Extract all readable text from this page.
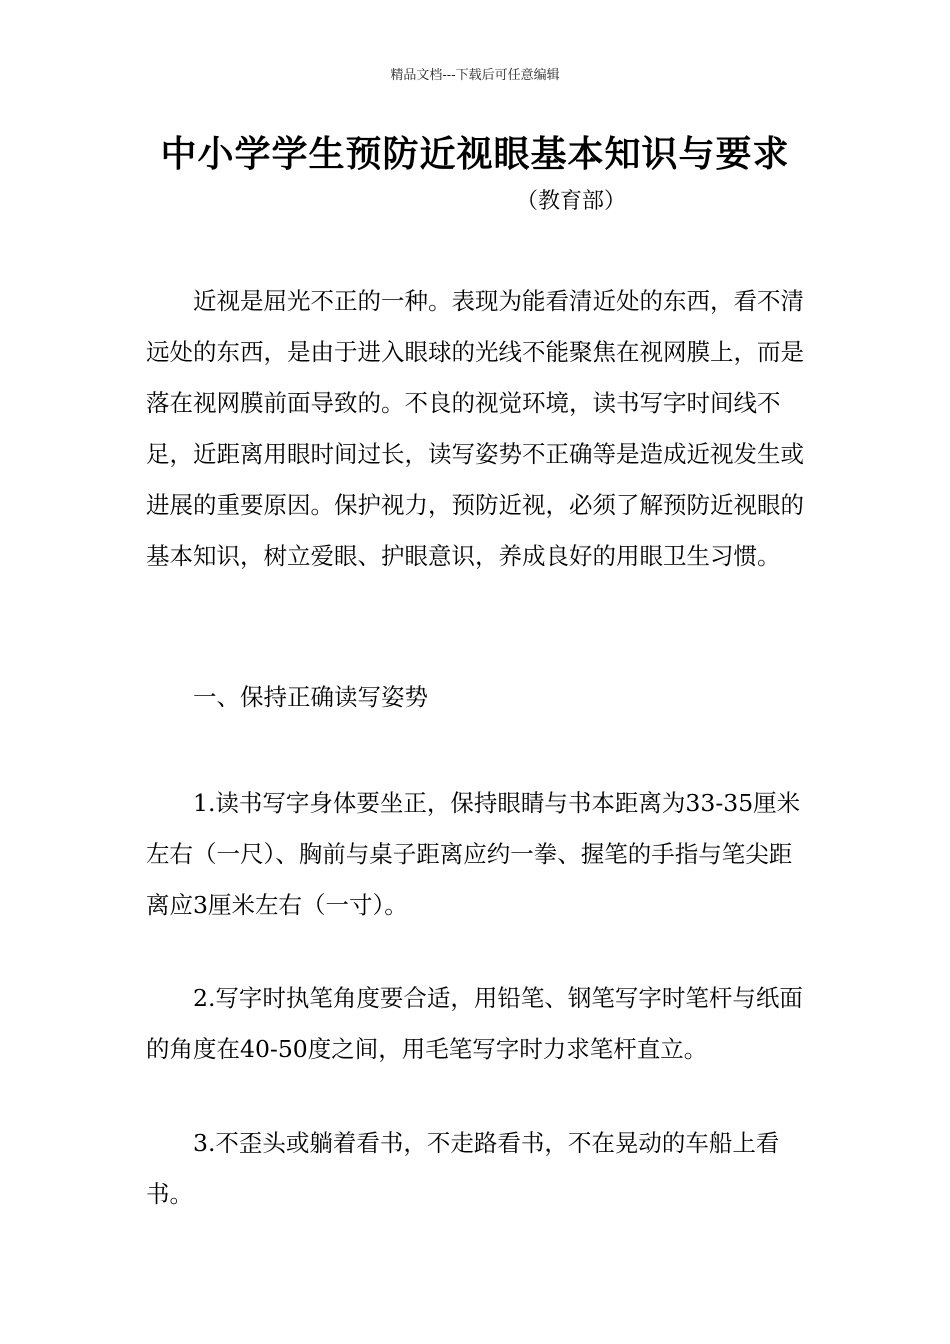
精品文档---下载后可任意编辑
中小学学生预防近视眼基本知识与要求
（教育部）

近视是屈光不正的一种。表现为能看清近处的东西，看不清远处的东西，是由于进入眼球的光线不能聚焦在视网膜上，而是落在视网膜前面导致的。不良的视觉环境，读书写字时间线不足，近距离用眼时间过长，读写姿势不正确等是造成近视发生或进展的重要原因。保护视力，预防近视，必须了解预防近视眼的基本知识，树立爱眼、护眼意识，养成良好的用眼卫生习惯。

一、保持正确读写姿势

1.读书写字身体要坐正，保持眼睛与书本距离为33-35厘米左右（一尺）、胸前与桌子距离应约一拳、握笔的手指与笔尖距离应3厘米左右（一寸）。

2.写字时执笔角度要合适，用铅笔、钢笔写字时笔杆与纸面的角度在40-50度之间，用毛笔写字时力求笔杆直立。

3.不歪头或躺着看书，不走路看书，不在晃动的车船上看书。
